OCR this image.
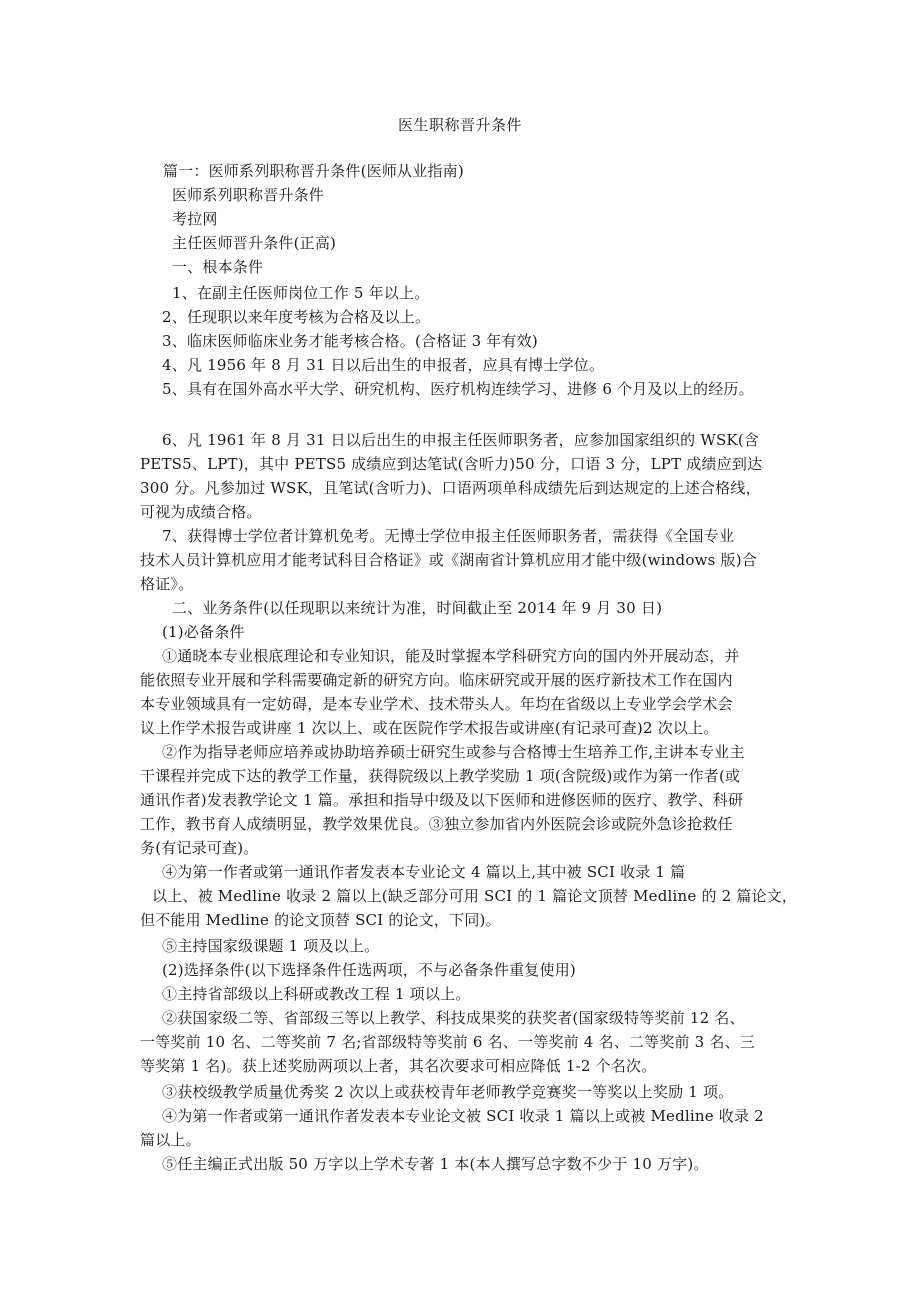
医生职称晋升条件
篇一：医师系列职称晋升条件(医师从业指南)
医师系列职称晋升条件
考拉网
主任医师晋升条件(正高)
一、根本条件
1、在副主任医师岗位工作 5 年以上。
2、任现职以来年度考核为合格及以上。
3、临床医师临床业务才能考核合格。(合格证 3 年有效)
4、凡 1956 年 8 月 31 日以后出生的申报者，应具有博士学位。
5、具有在国外高水平大学、研究机构、医疗机构连续学习、进修 6 个月及以上的经历。
6、凡 1961 年 8 月 31 日以后出生的申报主任医师职务者，应参加国家组织的 WSK(含
PETS5、LPT)，其中 PETS5 成绩应到达笔试(含听力)50 分，口语 3 分，LPT 成绩应到达
300 分。凡参加过 WSK，且笔试(含听力)、口语两项单科成绩先后到达规定的上述合格线，
可视为成绩合格。
7、获得博士学位者计算机免考。无博士学位申报主任医师职务者，需获得《全国专业
技术人员计算机应用才能考试科目合格证》或《湖南省计算机应用才能中级(windows 版)合
格证》。
二、业务条件(以任现职以来统计为准，时间截止至 2014 年 9 月 30 日)
(1)必备条件
①通晓本专业根底理论和专业知识，能及时掌握本学科研究方向的国内外开展动态，并
能依照专业开展和学科需要确定新的研究方向。临床研究或开展的医疗新技术工作在国内
本专业领域具有一定妨碍，是本专业学术、技术带头人。年均在省级以上专业学会学术会
议上作学术报告或讲座 1 次以上、或在医院作学术报告或讲座(有记录可查)2 次以上。
②作为指导老师应培养或协助培养硕士研究生或参与合格博士生培养工作,主讲本专业主
干课程并完成下达的教学工作量，获得院级以上教学奖励 1 项(含院级)或作为第一作者(或
通讯作者)发表教学论文 1 篇。承担和指导中级及以下医师和进修医师的医疗、教学、科研
工作，教书育人成绩明显，教学效果优良。③独立参加省内外医院会诊或院外急诊抢救任
务(有记录可查)。
④为第一作者或第一通讯作者发表本专业论文 4 篇以上,其中被 SCI 收录 1 篇
以上、被 Medline 收录 2 篇以上(缺乏部分可用 SCI 的 1 篇论文顶替 Medline 的 2 篇论文，
但不能用 Medline 的论文顶替 SCI 的论文，下同)。
⑤主持国家级课题 1 项及以上。
(2)选择条件(以下选择条件任选两项，不与必备条件重复使用)
①主持省部级以上科研或教改工程 1 项以上。
②获国家级二等、省部级三等以上教学、科技成果奖的获奖者(国家级特等奖前 12 名、
一等奖前 10 名、二等奖前 7 名;省部级特等奖前 6 名、一等奖前 4 名、二等奖前 3 名、三
等奖第 1 名)。获上述奖励两项以上者，其名次要求可相应降低 1-2 个名次。
③获校级教学质量优秀奖 2 次以上或获校青年老师教学竞赛奖一等奖以上奖励 1 项。
④为第一作者或第一通讯作者发表本专业论文被 SCI 收录 1 篇以上或被 Medline 收录 2
篇以上。
⑤任主编正式出版 50 万字以上学术专著 1 本(本人撰写总字数不少于 10 万字)。
